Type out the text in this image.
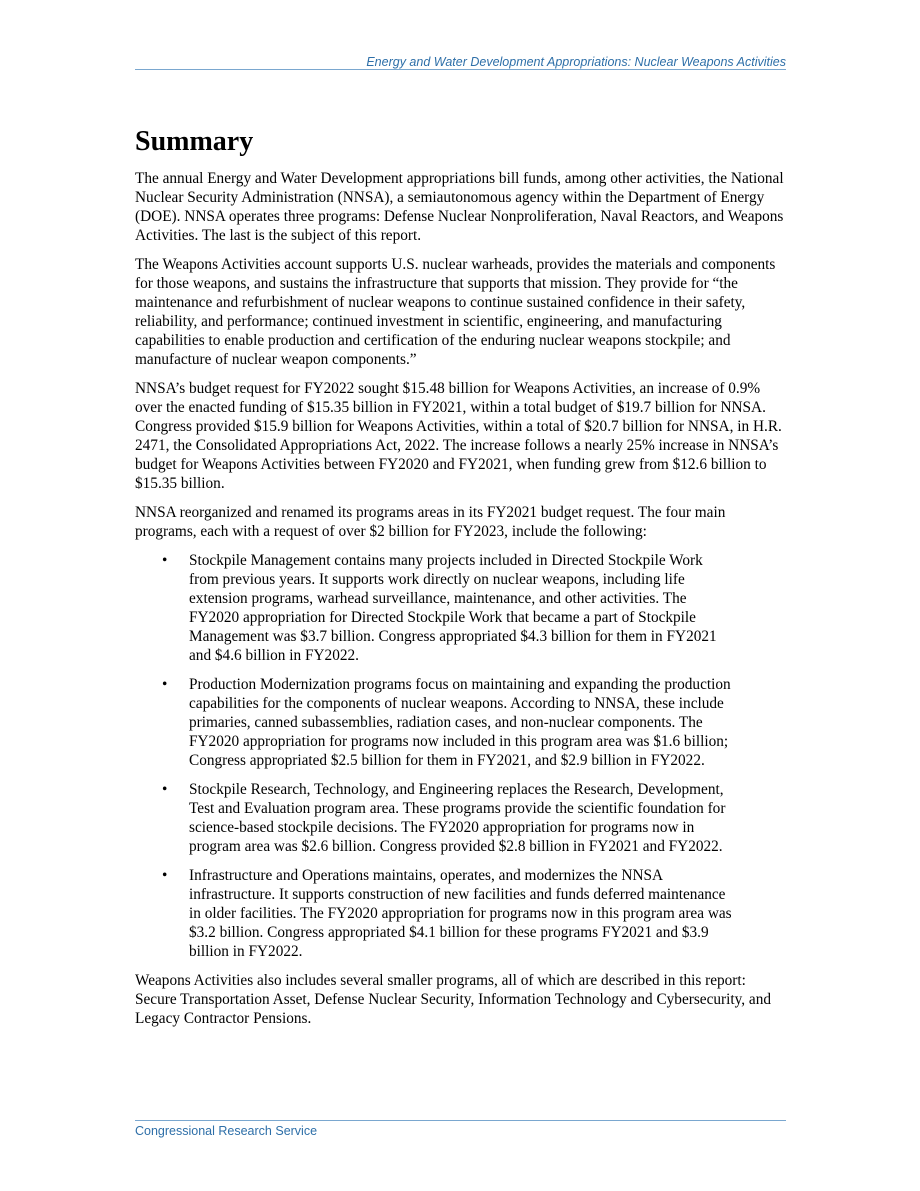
Energy and Water Development Appropriations: Nuclear Weapons Activities
Summary

The annual Energy and Water Development appropriations bill funds, among other activities, the National Nuclear Security Administration (NNSA), a semiautonomous agency within the Department of Energy (DOE). NNSA operates three programs: Defense Nuclear Nonproliferation, Naval Reactors, and Weapons Activities. The last is the subject of this report.

The Weapons Activities account supports U.S. nuclear warheads, provides the materials and components for those weapons, and sustains the infrastructure that supports that mission. They provide for “the maintenance and refurbishment of nuclear weapons to continue sustained confidence in their safety, reliability, and performance; continued investment in scientific, engineering, and manufacturing capabilities to enable production and certification of the enduring nuclear weapons stockpile; and manufacture of nuclear weapon components.”

NNSA’s budget request for FY2022 sought $15.48 billion for Weapons Activities, an increase of 0.9% over the enacted funding of $15.35 billion in FY2021, within a total budget of $19.7 billion for NNSA. Congress provided $15.9 billion for Weapons Activities, within a total of $20.7 billion for NNSA, in H.R. 2471, the Consolidated Appropriations Act, 2022. The increase follows a nearly 25% increase in NNSA’s budget for Weapons Activities between FY2020 and FY2021, when funding grew from $12.6 billion to $15.35 billion.

NNSA reorganized and renamed its programs areas in its FY2021 budget request. The four main programs, each with a request of over $2 billion for FY2023, include the following:

• Stockpile Management contains many projects included in Directed Stockpile Work from previous years. It supports work directly on nuclear weapons, including life extension programs, warhead surveillance, maintenance, and other activities. The FY2020 appropriation for Directed Stockpile Work that became a part of Stockpile Management was $3.7 billion. Congress appropriated $4.3 billion for them in FY2021 and $4.6 billion in FY2022.
• Production Modernization programs focus on maintaining and expanding the production capabilities for the components of nuclear weapons. According to NNSA, these include primaries, canned subassemblies, radiation cases, and non-nuclear components. The FY2020 appropriation for programs now included in this program area was $1.6 billion; Congress appropriated $2.5 billion for them in FY2021, and $2.9 billion in FY2022.
• Stockpile Research, Technology, and Engineering replaces the Research, Development, Test and Evaluation program area. These programs provide the scientific foundation for science-based stockpile decisions. The FY2020 appropriation for programs now in program area was $2.6 billion. Congress provided $2.8 billion in FY2021 and FY2022.
• Infrastructure and Operations maintains, operates, and modernizes the NNSA infrastructure. It supports construction of new facilities and funds deferred maintenance in older facilities. The FY2020 appropriation for programs now in this program area was $3.2 billion. Congress appropriated $4.1 billion for these programs FY2021 and $3.9 billion in FY2022.

Weapons Activities also includes several smaller programs, all of which are described in this report: Secure Transportation Asset, Defense Nuclear Security, Information Technology and Cybersecurity, and Legacy Contractor Pensions.

Congressional Research Service
